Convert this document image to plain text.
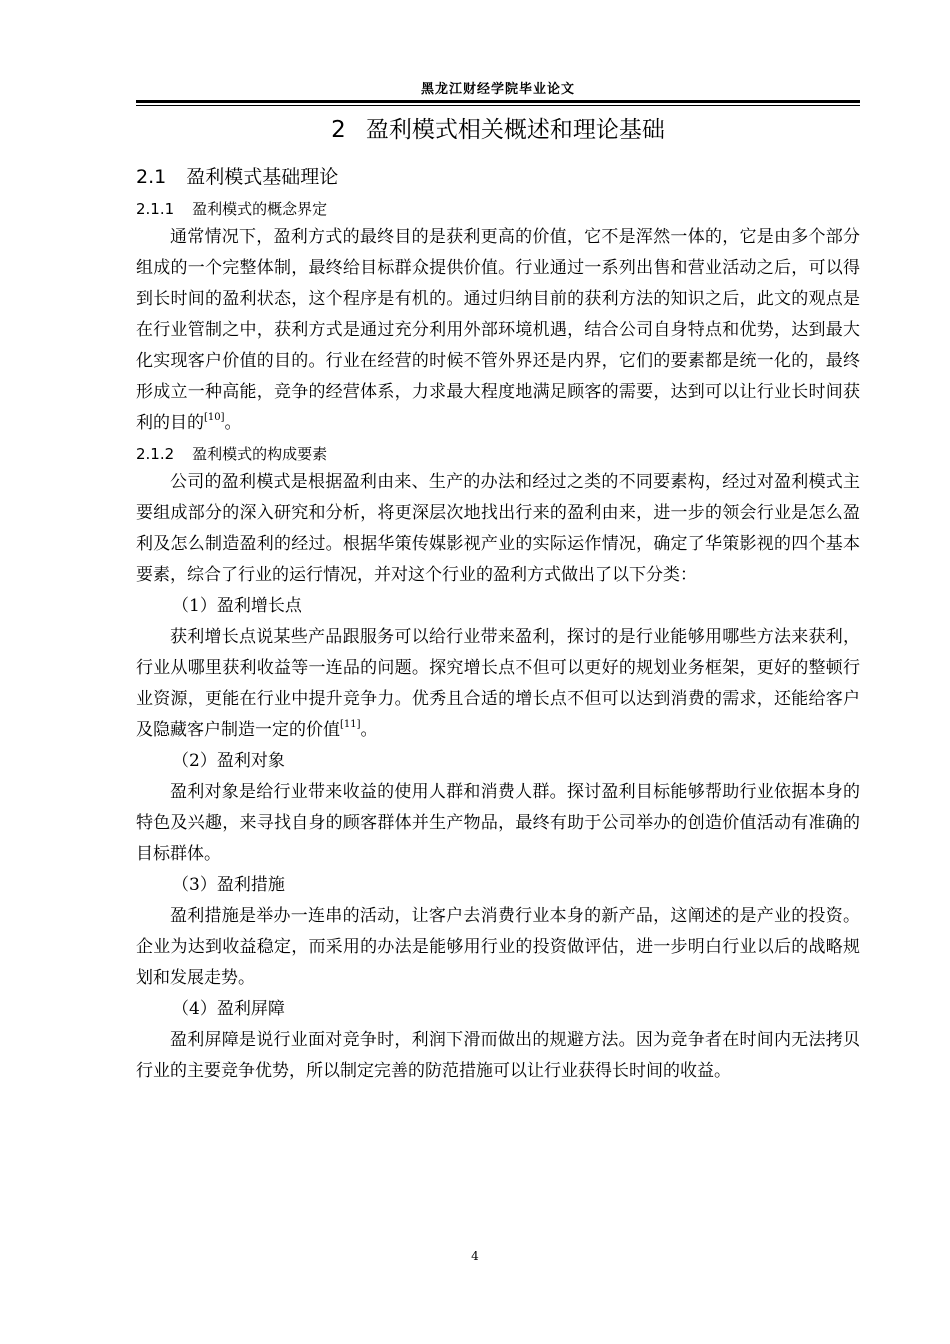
黑龙江财经学院毕业论文
2 盈利模式相关概述和理论基础
2.1 盈利模式基础理论
2.1.1 盈利模式的概念界定

通常情况下，盈利方式的最终目的是获利更高的价值，它不是浑然一体的，它是由多个部分组成的一个完整体制，最终给目标群众提供价值。行业通过一系列出售和营业活动之后，可以得到长时间的盈利状态，这个程序是有机的。通过归纳目前的获利方法的知识之后，此文的观点是在行业管制之中，获利方式是通过充分利用外部环境机遇，结合公司自身特点和优势，达到最大化实现客户价值的目的。行业在经营的时候不管外界还是内界，它们的要素都是统一化的，最终形成立一种高能，竞争的经营体系，力求最大程度地满足顾客的需要，达到可以让行业长时间获利的目的[10]。

2.1.2 盈利模式的构成要素

公司的盈利模式是根据盈利由来、生产的办法和经过之类的不同要素构，经过对盈利模式主要组成部分的深入研究和分析，将更深层次地找出行来的盈利由来，进一步的领会行业是怎么盈利及怎么制造盈利的经过。根据华策传媒影视产业的实际运作情况，确定了华策影视的四个基本要素，综合了行业的运行情况，并对这个行业的盈利方式做出了以下分类：

（1）盈利增长点

获利增长点说某些产品跟服务可以给行业带来盈利，探讨的是行业能够用哪些方法来获利，行业从哪里获利收益等一连品的问题。探究增长点不但可以更好的规划业务框架，更好的整顿行业资源，更能在行业中提升竞争力。优秀且合适的增长点不但可以达到消费的需求，还能给客户及隐藏客户制造一定的价值[11]。

（2）盈利对象

盈利对象是给行业带来收益的使用人群和消费人群。探讨盈利目标能够帮助行业依据本身的特色及兴趣，来寻找自身的顾客群体并生产物品，最终有助于公司举办的创造价值活动有准确的目标群体。

（3）盈利措施

盈利措施是举办一连串的活动，让客户去消费行业本身的新产品，这阐述的是产业的投资。企业为达到收益稳定，而采用的办法是能够用行业的投资做评估，进一步明白行业以后的战略规划和发展走势。

（4）盈利屏障

盈利屏障是说行业面对竞争时，利润下滑而做出的规避方法。因为竞争者在时间内无法拷贝行业的主要竞争优势，所以制定完善的防范措施可以让行业获得长时间的收益。

4
